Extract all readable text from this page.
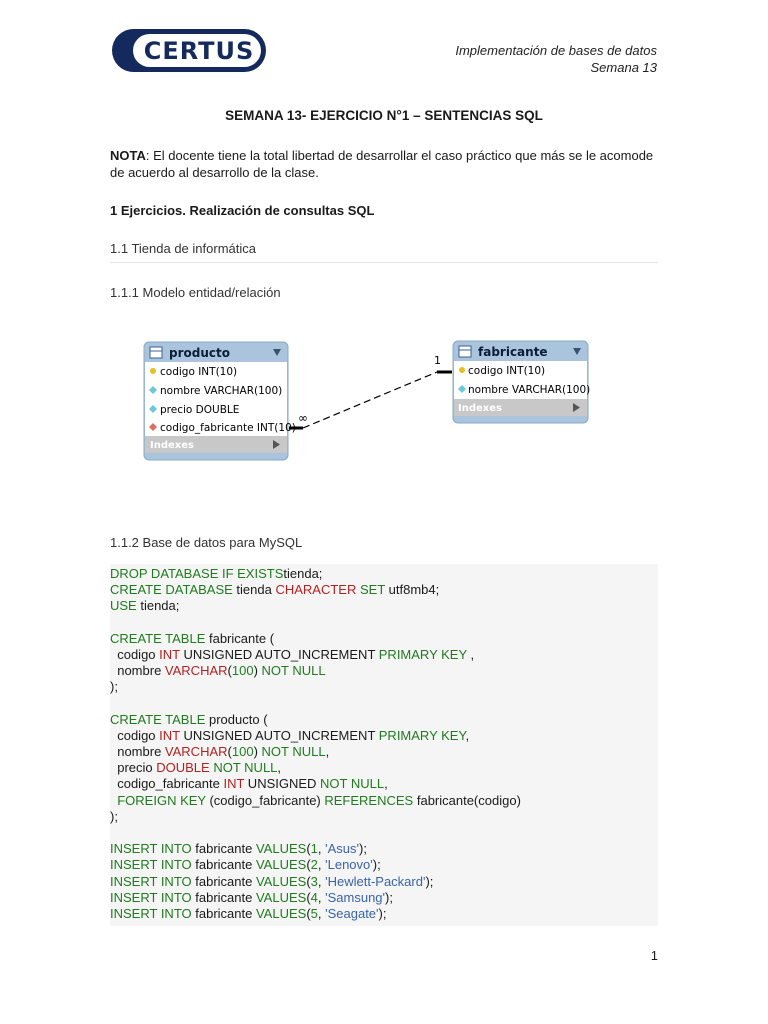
CERTUS	Implementación de bases de datos
Semana 13
SEMANA 13- EJERCICIO N°1 – SENTENCIAS SQL
NOTA: El docente tiene la total libertad de desarrollar el caso práctico que más se le acomode de acuerdo al desarrollo de la clase.
1 Ejercicios. Realización de consultas SQL
1.1 Tienda de informática
1.1.1 Modelo entidad/relación
∞
1
producto
codigo INT(10)
nombre VARCHAR(100)
precio DOUBLE
codigo_fabricante INT(10)
Indexes
fabricante
codigo INT(10)
nombre VARCHAR(100)
Indexes
1.1.2 Base de datos para MySQL
DROP DATABASE IF EXISTStienda;
CREATE DATABASE tienda CHARACTER SET utf8mb4;
USE tienda;

CREATE TABLE fabricante (
codigo INT UNSIGNED AUTO_INCREMENT PRIMARY KEY ,
nombre VARCHAR(100) NOT NULL
);

CREATE TABLE producto (
codigo INT UNSIGNED AUTO_INCREMENT PRIMARY KEY,
nombre VARCHAR(100) NOT NULL,
precio DOUBLE NOT NULL,
codigo_fabricante INT UNSIGNED NOT NULL,
FOREIGN KEY (codigo_fabricante) REFERENCES fabricante(codigo)
);

INSERT INTO fabricante VALUES(1, 'Asus');
INSERT INTO fabricante VALUES(2, 'Lenovo');
INSERT INTO fabricante VALUES(3, 'Hewlett-Packard');
INSERT INTO fabricante VALUES(4, 'Samsung');
INSERT INTO fabricante VALUES(5, 'Seagate');
1
